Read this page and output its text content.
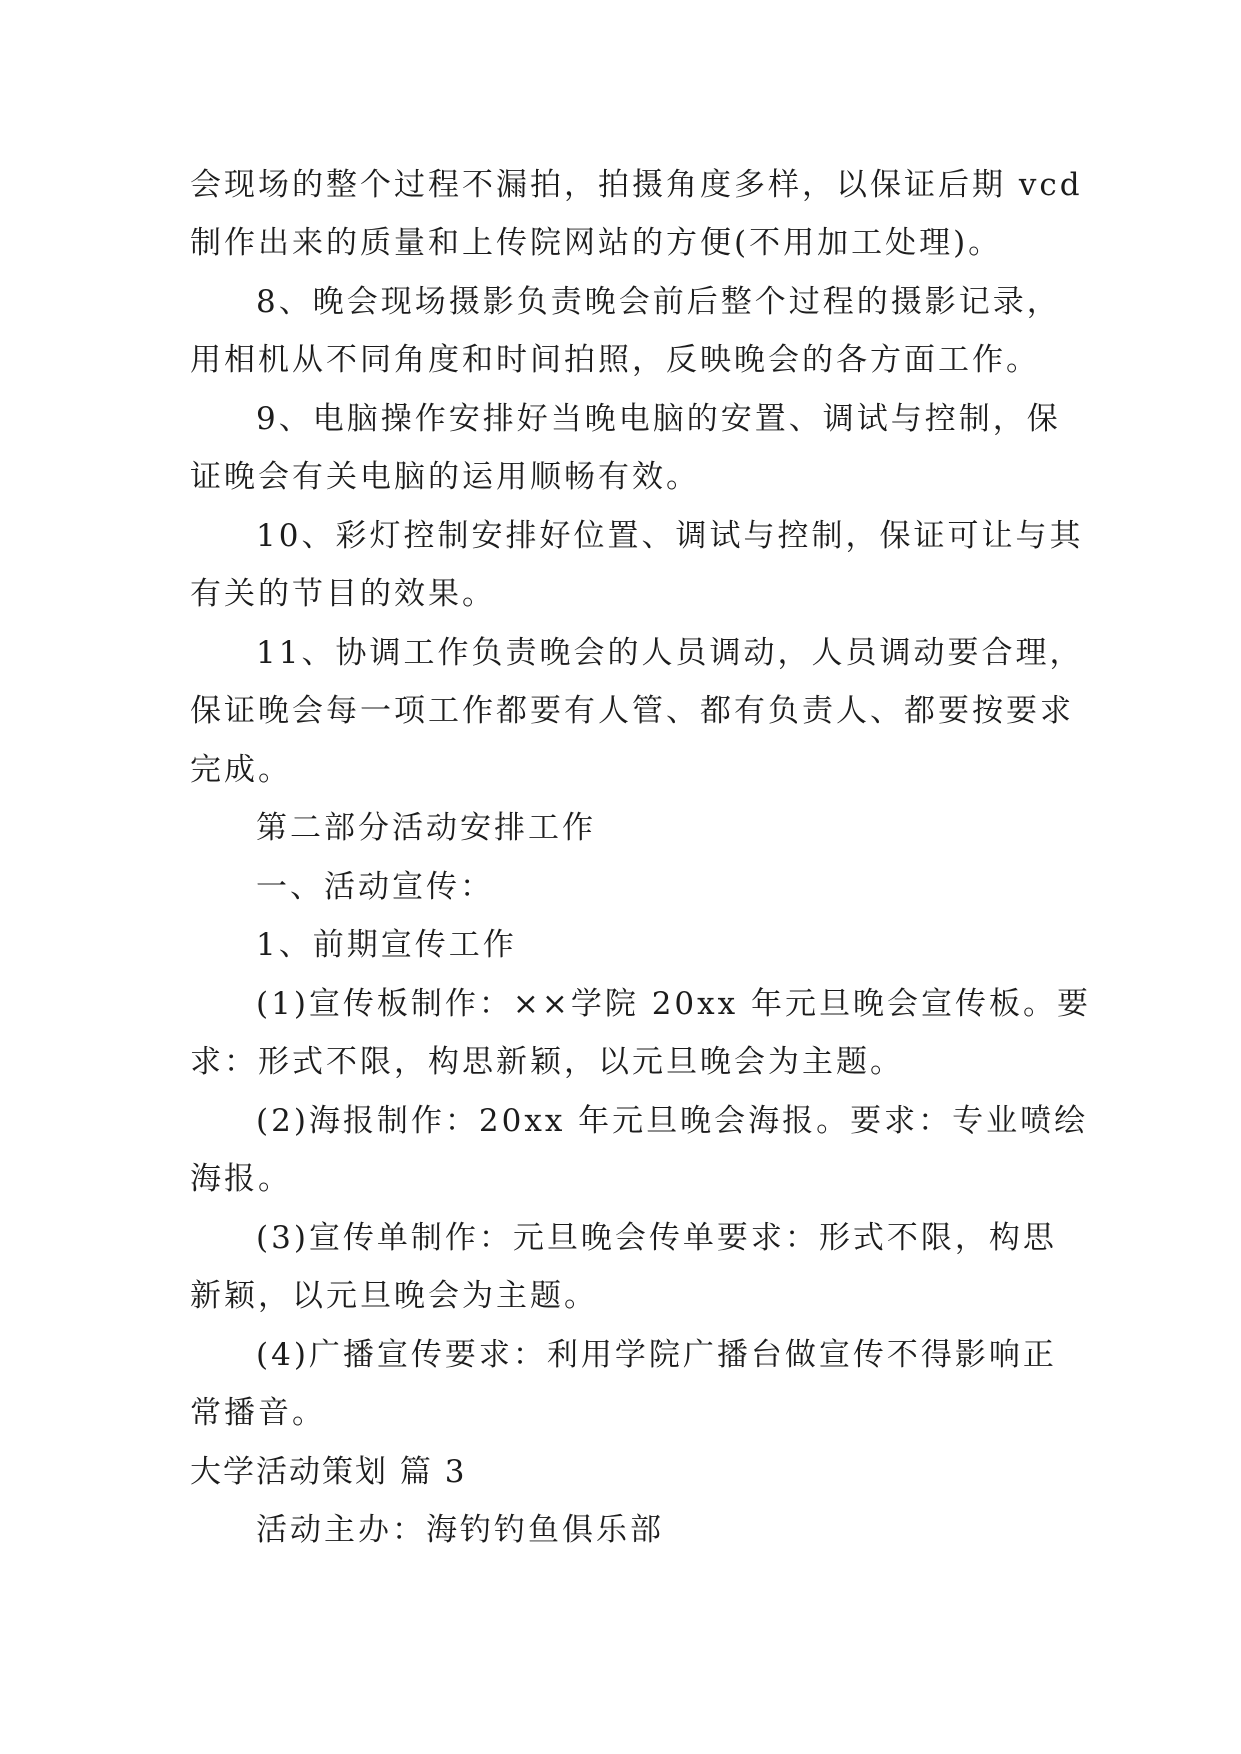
会现场的整个过程不漏拍，拍摄角度多样，以保证后期 vcd

制作出来的质量和上传院网站的方便(不用加工处理)。

8、晚会现场摄影负责晚会前后整个过程的摄影记录，

用相机从不同角度和时间拍照，反映晚会的各方面工作。

9、电脑操作安排好当晚电脑的安置、调试与控制，保

证晚会有关电脑的运用顺畅有效。

10、彩灯控制安排好位置、调试与控制，保证可让与其

有关的节目的效果。

11、协调工作负责晚会的人员调动，人员调动要合理，

保证晚会每一项工作都要有人管、都有负责人、都要按要求

完成。

第二部分活动安排工作

一、活动宣传：

1、前期宣传工作

(1)宣传板制作：××学院 20xx 年元旦晚会宣传板。要

求：形式不限，构思新颖，以元旦晚会为主题。

(2)海报制作：20xx 年元旦晚会海报。要求：专业喷绘

海报。

(3)宣传单制作：元旦晚会传单要求：形式不限，构思

新颖，以元旦晚会为主题。

(4)广播宣传要求：利用学院广播台做宣传不得影响正

常播音。

大学活动策划 篇 3

活动主办：海钓钓鱼俱乐部
